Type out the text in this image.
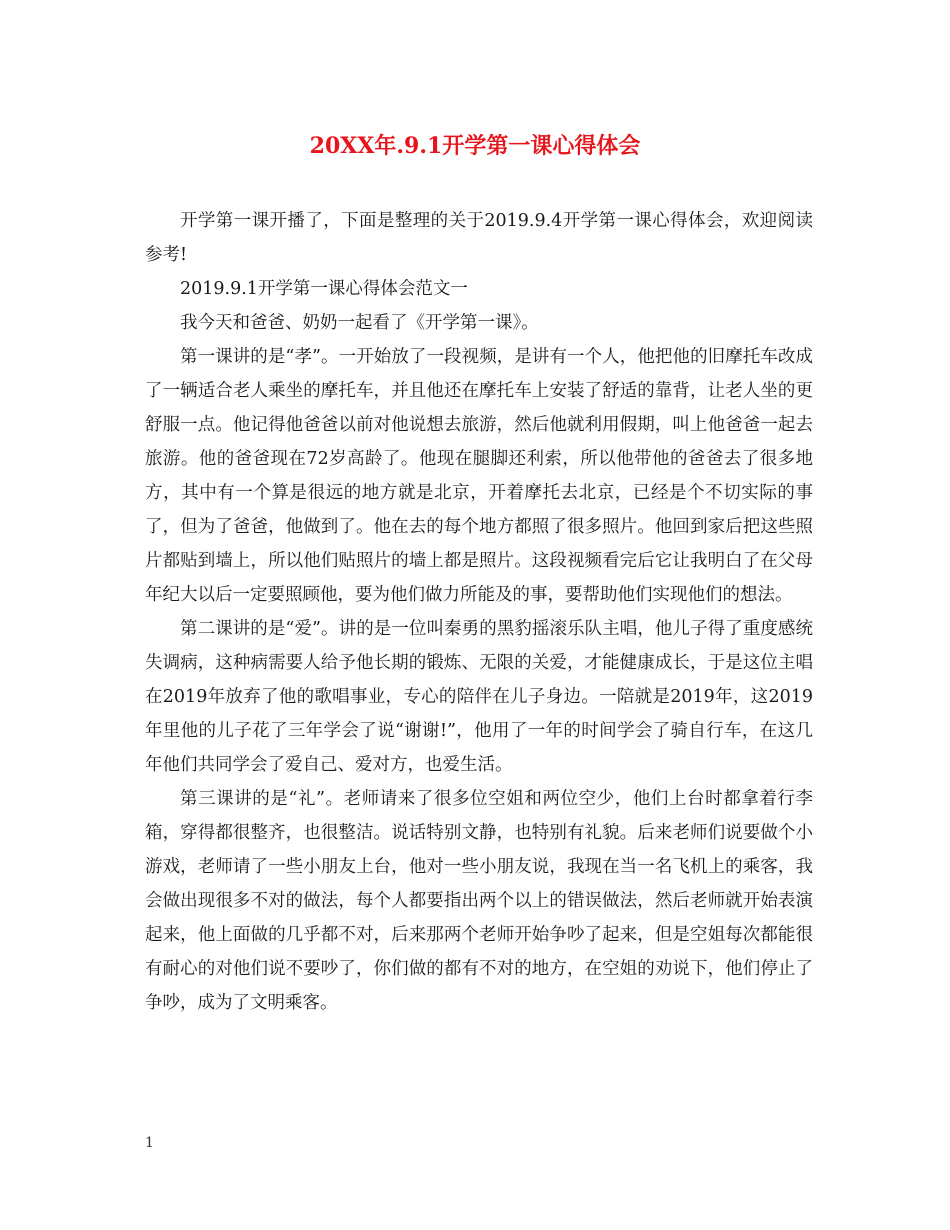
20XX年.9.1开学第一课心得体会

开学第一课开播了，下面是整理的关于2019.9.4开学第一课心得体会，欢迎阅读参考!

2019.9.1开学第一课心得体会范文一

我今天和爸爸、奶奶一起看了《开学第一课》。

第一课讲的是“孝”。一开始放了一段视频，是讲有一个人，他把他的旧摩托车改成了一辆适合老人乘坐的摩托车，并且他还在摩托车上安装了舒适的靠背，让老人坐的更舒服一点。他记得他爸爸以前对他说想去旅游，然后他就利用假期，叫上他爸爸一起去旅游。他的爸爸现在72岁高龄了。他现在腿脚还利索，所以他带他的爸爸去了很多地方，其中有一个算是很远的地方就是北京，开着摩托去北京，已经是个不切实际的事了，但为了爸爸，他做到了。他在去的每个地方都照了很多照片。他回到家后把这些照片都贴到墙上，所以他们贴照片的墙上都是照片。这段视频看完后它让我明白了在父母年纪大以后一定要照顾他，要为他们做力所能及的事，要帮助他们实现他们的想法。

第二课讲的是“爱”。讲的是一位叫秦勇的黑豹摇滚乐队主唱，他儿子得了重度感统失调病，这种病需要人给予他长期的锻炼、无限的关爱，才能健康成长，于是这位主唱在2019年放弃了他的歌唱事业，专心的陪伴在儿子身边。一陪就是2019年，这2019年里他的儿子花了三年学会了说“谢谢!”，他用了一年的时间学会了骑自行车，在这几年他们共同学会了爱自己、爱对方，也爱生活。

第三课讲的是“礼”。老师请来了很多位空姐和两位空少，他们上台时都拿着行李箱，穿得都很整齐，也很整洁。说话特别文静，也特别有礼貌。后来老师们说要做个小游戏，老师请了一些小朋友上台，他对一些小朋友说，我现在当一名飞机上的乘客，我会做出现很多不对的做法，每个人都要指出两个以上的错误做法，然后老师就开始表演起来，他上面做的几乎都不对，后来那两个老师开始争吵了起来，但是空姐每次都能很有耐心的对他们说不要吵了，你们做的都有不对的地方，在空姐的劝说下，他们停止了争吵，成为了文明乘客。

1
